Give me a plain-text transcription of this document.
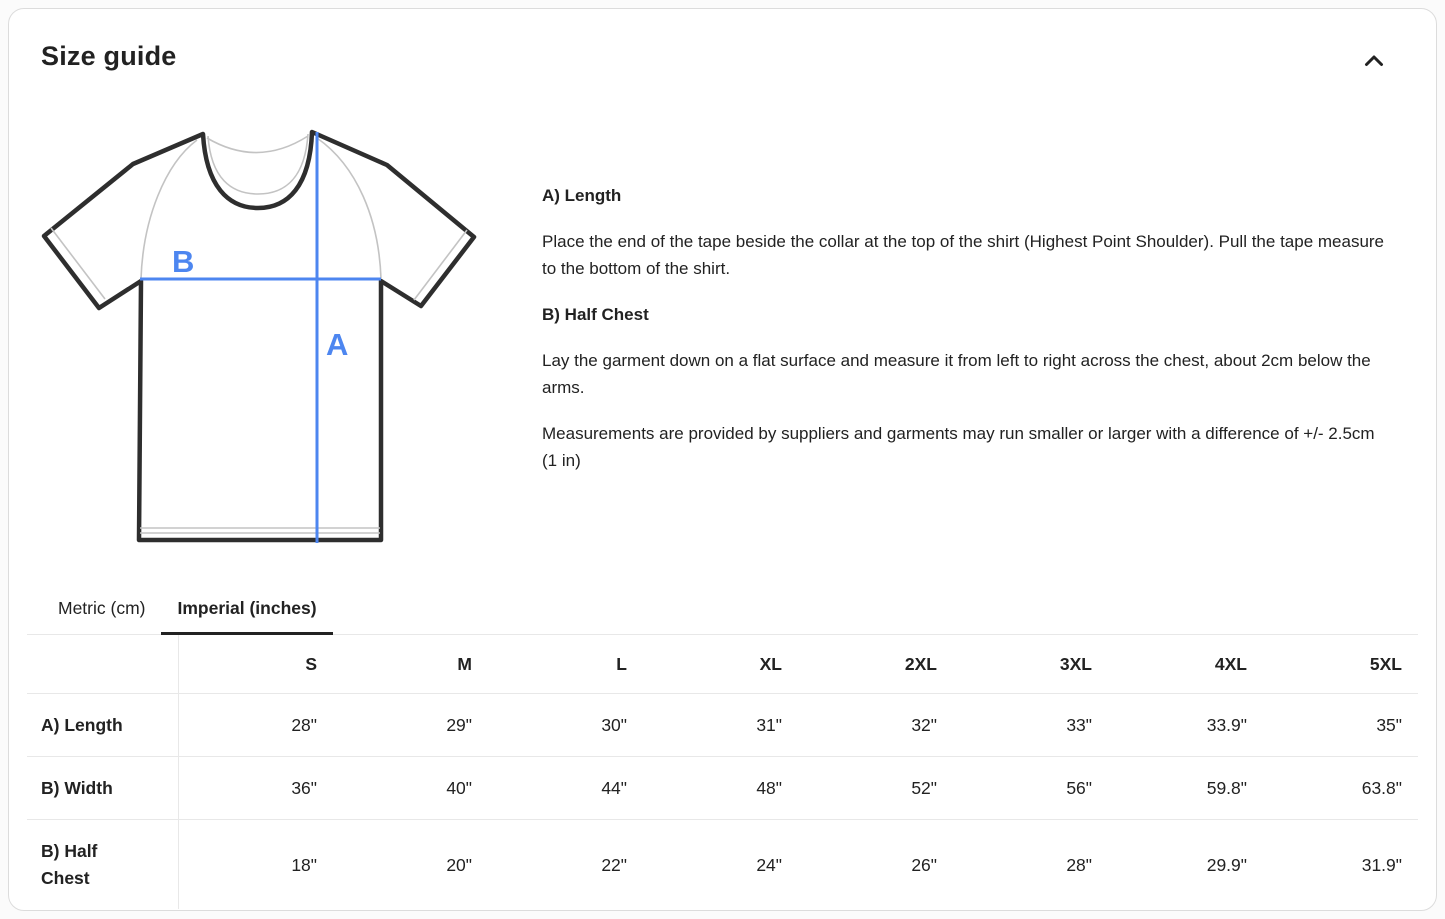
Size guide
B
A
A) Length

Place the end of the tape beside the collar at the top of the shirt (Highest Point Shoulder). Pull the tape measure to the bottom of the shirt.

B) Half Chest

Lay the garment down on a flat surface and measure it from left to right across the chest, about 2cm below the arms.

Measurements are provided by suppliers and garments may run smaller or larger with a difference of +/- 2.5cm (1 in)

Metric (cm)	Imperial (inches)
	S	M	L	XL	2XL	3XL	4XL	5XL
A) Length	28"	29"	30"	31"	32"	33"	33.9"	35"
B) Width	36"	40"	44"	48"	52"	56"	59.8"	63.8"
B) Half Chest	18"	20"	22"	24"	26"	28"	29.9"	31.9"
